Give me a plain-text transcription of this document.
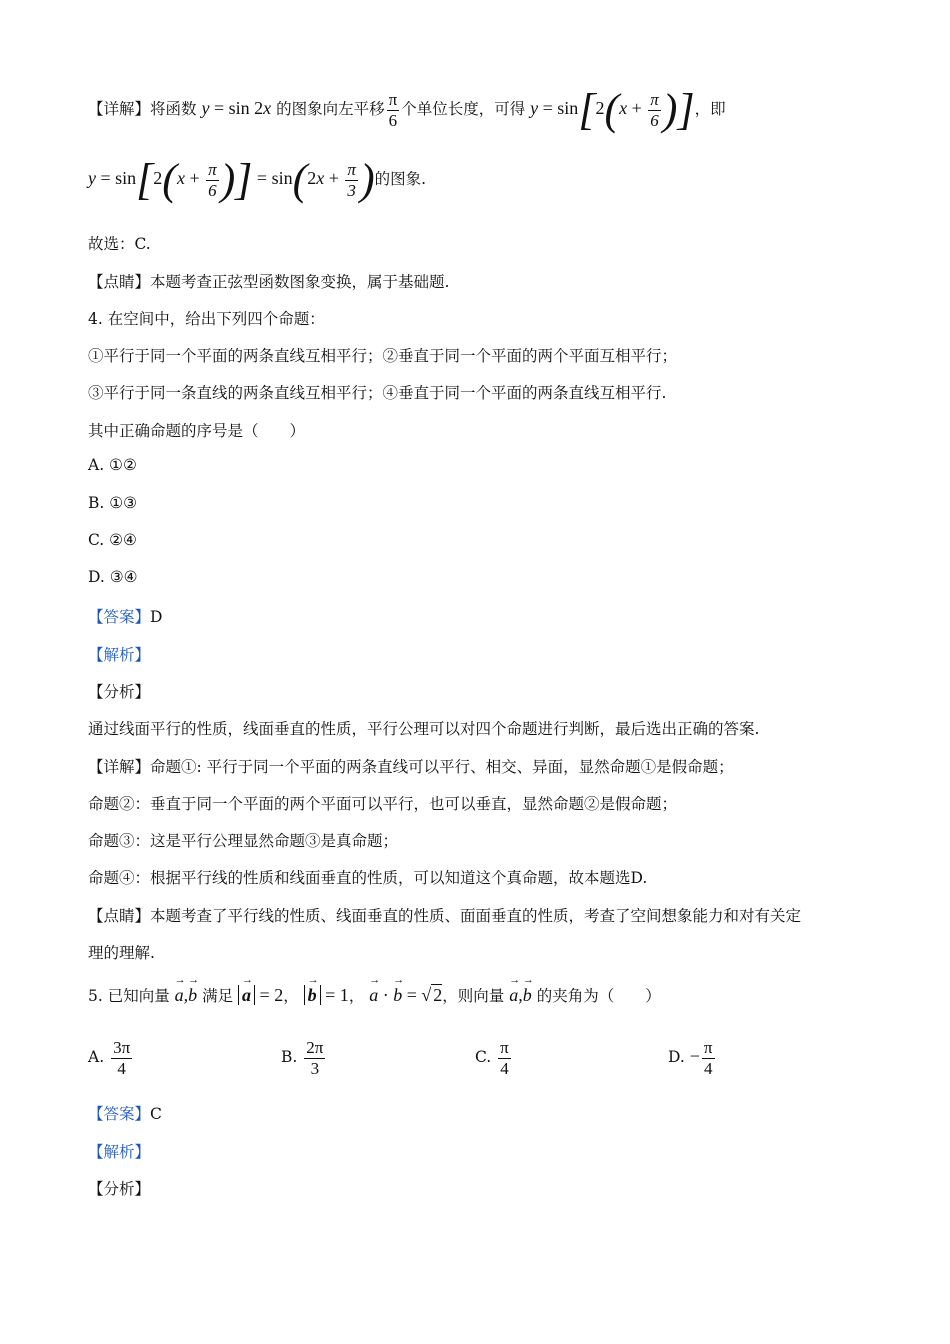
【详解】将函数 y = sin 2x 的图象向左平移 $\frac{\pi}{6}$ 个单位长度，可得 $y = \sin[2(x + \frac{\pi}{6}$ )]，即
$y = \sin[2(x + \frac{\pi}{6}$ )] = $\sin(2x + \frac{\pi}{3}$ )的图象.
故选：C.
【点睛】本题考查正弦型函数图象变换，属于基础题.
4. 在空间中，给出下列四个命题：
①平行于同一个平面的两条直线互相平行；②垂直于同一个平面的两个平面互相平行；
③平行于同一条直线的两条直线互相平行；④垂直于同一个平面的两条直线互相平行.
其中正确命题的序号是（　　）
A. ①②
B. ①③
C. ②④
D. ③④
【答案】D
【解析】
【分析】
通过线面平行的性质，线面垂直的性质，平行公理可以对四个命题进行判断，最后选出正确的答案.
【详解】命题①: 平行于同一个平面的两条直线可以平行、相交、异面，显然命题①是假命题；
命题②：垂直于同一个平面的两个平面可以平行，也可以垂直，显然命题②是假命题；
命题③：这是平行公理显然命题③是真命题；
命题④：根据平行线的性质和线面垂直的性质，可以知道这个真命题，故本题选D.
【点睛】本题考查了平行线的性质、线面垂直的性质、面面垂直的性质，考查了空间想象能力和对有关定
理的理解.
5. 已知向量 → a,→ b 满足 → a = 2， → b = 1， → a · → b = √ 2，则向量 → a,→ b 的夹角为（　　）
A. $\frac{3\pi}{4}$	B. $\frac{2\pi}{3}$	C. $\frac{\pi}{4}$	D. − $\frac{\pi}{4}$
【答案】C
【解析】
【分析】
